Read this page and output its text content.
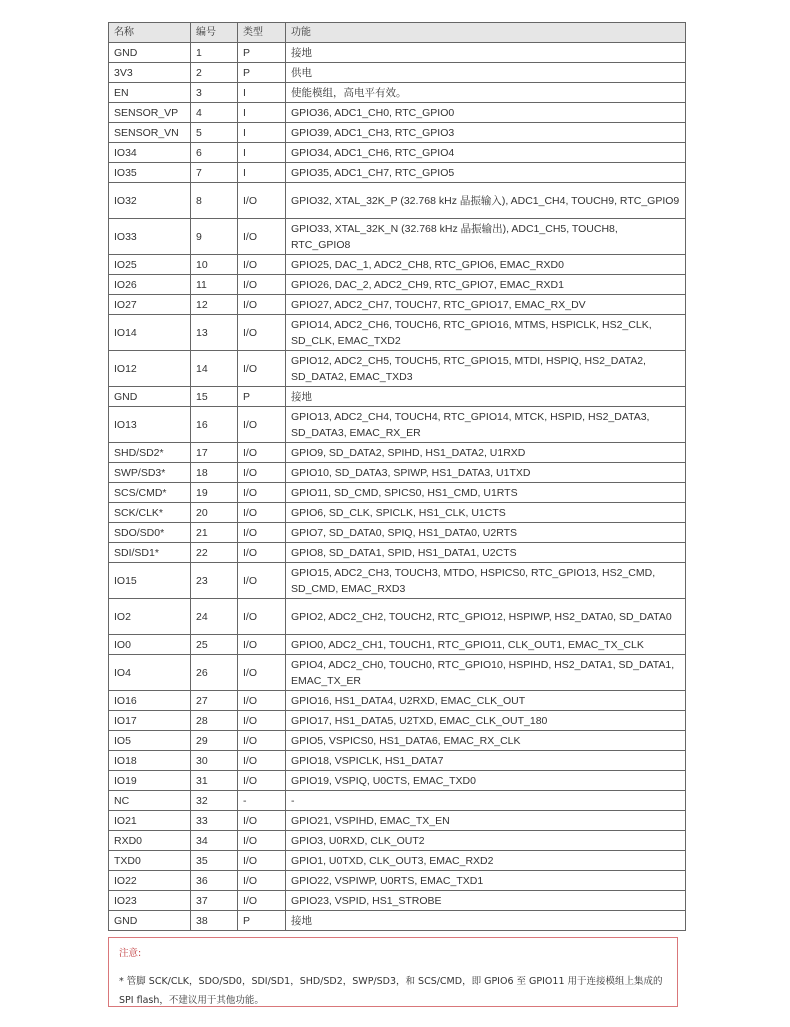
名称	编号	类型	功能
GND	1	P	接地
3V3	2	P	供电
EN	3	I	使能模组，高电平有效。
SENSOR_VP	4	I	GPIO36, ADC1_CH0, RTC_GPIO0
SENSOR_VN	5	I	GPIO39, ADC1_CH3, RTC_GPIO3
IO34	6	I	GPIO34, ADC1_CH6, RTC_GPIO4
IO35	7	I	GPIO35, ADC1_CH7, RTC_GPIO5
IO32	8	I/O	GPIO32, XTAL_32K_P (32.768 kHz 晶振输入), ADC1_CH4, TOUCH9, RTC_GPIO9
IO33	9	I/O	GPIO33, XTAL_32K_N (32.768 kHz 晶振输出), ADC1_CH5, TOUCH8, RTC_GPIO8
IO25	10	I/O	GPIO25, DAC_1, ADC2_CH8, RTC_GPIO6, EMAC_RXD0
IO26	11	I/O	GPIO26, DAC_2, ADC2_CH9, RTC_GPIO7, EMAC_RXD1
IO27	12	I/O	GPIO27, ADC2_CH7, TOUCH7, RTC_GPIO17, EMAC_RX_DV
IO14	13	I/O	GPIO14, ADC2_CH6, TOUCH6, RTC_GPIO16, MTMS, HSPICLK, HS2_CLK, SD_CLK, EMAC_TXD2
IO12	14	I/O	GPIO12, ADC2_CH5, TOUCH5, RTC_GPIO15, MTDI, HSPIQ, HS2_DATA2, SD_DATA2, EMAC_TXD3
GND	15	P	接地
IO13	16	I/O	GPIO13, ADC2_CH4, TOUCH4, RTC_GPIO14, MTCK, HSPID, HS2_DATA3, SD_DATA3, EMAC_RX_ER
SHD/SD2*	17	I/O	GPIO9, SD_DATA2, SPIHD, HS1_DATA2, U1RXD
SWP/SD3*	18	I/O	GPIO10, SD_DATA3, SPIWP, HS1_DATA3, U1TXD
SCS/CMD*	19	I/O	GPIO11, SD_CMD, SPICS0, HS1_CMD, U1RTS
SCK/CLK*	20	I/O	GPIO6, SD_CLK, SPICLK, HS1_CLK, U1CTS
SDO/SD0*	21	I/O	GPIO7, SD_DATA0, SPIQ, HS1_DATA0, U2RTS
SDI/SD1*	22	I/O	GPIO8, SD_DATA1, SPID, HS1_DATA1, U2CTS
IO15	23	I/O	GPIO15, ADC2_CH3, TOUCH3, MTDO, HSPICS0, RTC_GPIO13, HS2_CMD, SD_CMD, EMAC_RXD3
IO2	24	I/O	GPIO2, ADC2_CH2, TOUCH2, RTC_GPIO12, HSPIWP, HS2_DATA0, SD_DATA0
IO0	25	I/O	GPIO0, ADC2_CH1, TOUCH1, RTC_GPIO11, CLK_OUT1, EMAC_TX_CLK
IO4	26	I/O	GPIO4, ADC2_CH0, TOUCH0, RTC_GPIO10, HSPIHD, HS2_DATA1, SD_DATA1, EMAC_TX_ER
IO16	27	I/O	GPIO16, HS1_DATA4, U2RXD, EMAC_CLK_OUT
IO17	28	I/O	GPIO17, HS1_DATA5, U2TXD, EMAC_CLK_OUT_180
IO5	29	I/O	GPIO5, VSPICS0, HS1_DATA6, EMAC_RX_CLK
IO18	30	I/O	GPIO18, VSPICLK, HS1_DATA7
IO19	31	I/O	GPIO19, VSPIQ, U0CTS, EMAC_TXD0
NC	32	-	-
IO21	33	I/O	GPIO21, VSPIHD, EMAC_TX_EN
RXD0	34	I/O	GPIO3, U0RXD, CLK_OUT2
TXD0	35	I/O	GPIO1, U0TXD, CLK_OUT3, EMAC_RXD2
IO22	36	I/O	GPIO22, VSPIWP, U0RTS, EMAC_TXD1
IO23	37	I/O	GPIO23, VSPID, HS1_STROBE
GND	38	P	接地
注意:
* 管脚 SCK/CLK，SDO/SD0，SDI/SD1，SHD/SD2，SWP/SD3，和 SCS/CMD，即 GPIO6 至 GPIO11 用于连接模组上集成的 SPI flash，不建议用于其他功能。
